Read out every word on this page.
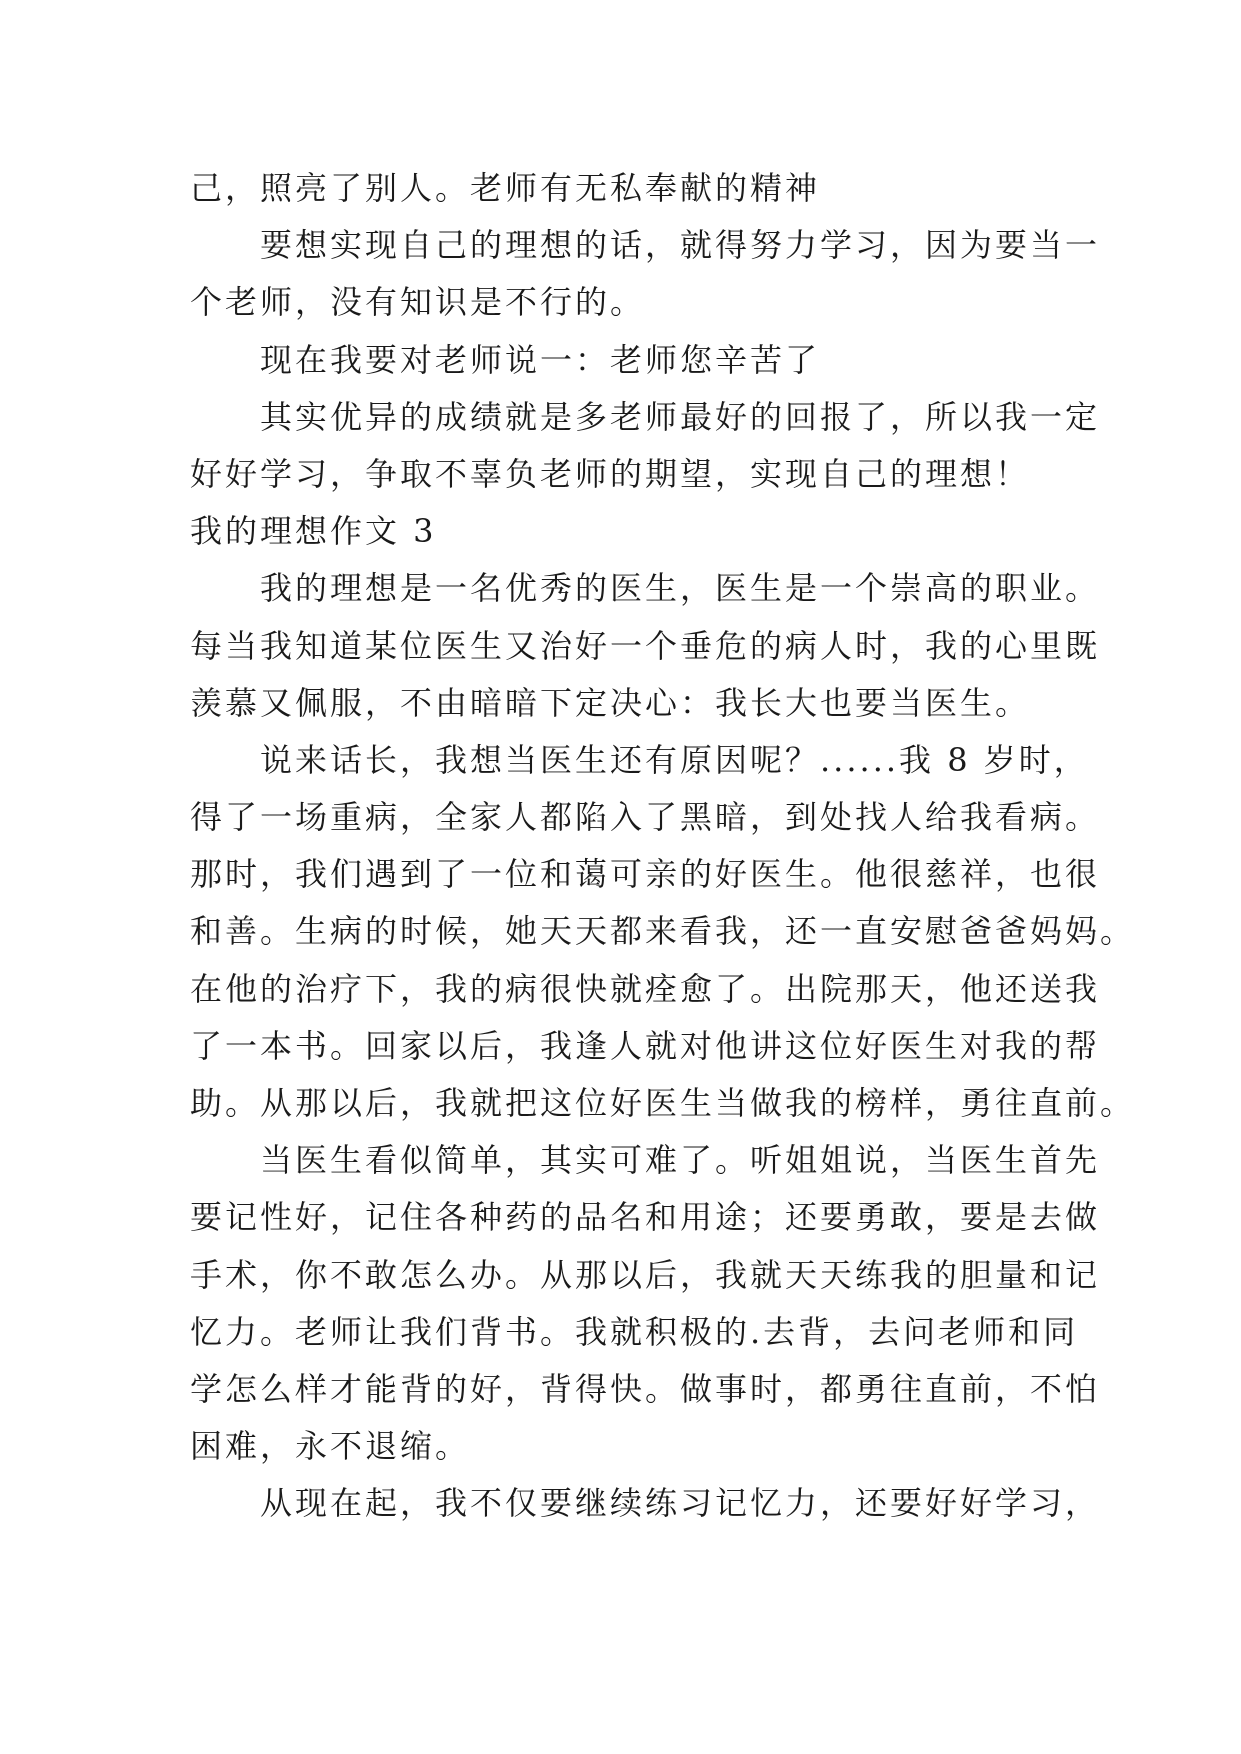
己，照亮了别人。老师有无私奉献的精神
要想实现自己的理想的话，就得努力学习，因为要当一
个老师，没有知识是不行的。
现在我要对老师说一：老师您辛苦了
其实优异的成绩就是多老师最好的回报了，所以我一定
好好学习，争取不辜负老师的期望，实现自己的理想！
我的理想作文 3
我的理想是一名优秀的医生，医生是一个崇高的职业。
每当我知道某位医生又治好一个垂危的病人时，我的心里既
羡慕又佩服，不由暗暗下定决心：我长大也要当医生。
说来话长，我想当医生还有原因呢？......我 8 岁时，
得了一场重病，全家人都陷入了黑暗，到处找人给我看病。
那时，我们遇到了一位和蔼可亲的好医生。他很慈祥，也很
和善。生病的时候，她天天都来看我，还一直安慰爸爸妈妈。
在他的治疗下，我的病很快就痊愈了。出院那天，他还送我
了一本书。回家以后，我逢人就对他讲这位好医生对我的帮
助。从那以后，我就把这位好医生当做我的榜样，勇往直前。
当医生看似简单，其实可难了。听姐姐说，当医生首先
要记性好，记住各种药的品名和用途；还要勇敢，要是去做
手术，你不敢怎么办。从那以后，我就天天练我的胆量和记
忆力。老师让我们背书。我就积极的.去背，去问老师和同
学怎么样才能背的好，背得快。做事时，都勇往直前，不怕
困难，永不退缩。
从现在起，我不仅要继续练习记忆力，还要好好学习，
